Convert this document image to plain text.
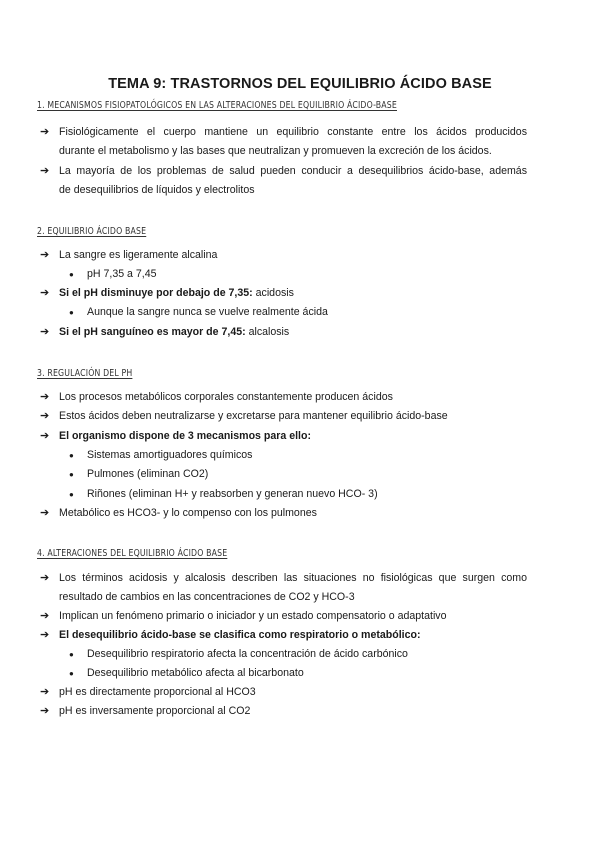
TEMA 9: TRASTORNOS DEL EQUILIBRIO ÁCIDO BASE
1. MECANISMOS FISIOPATOLÓGICOS EN LAS ALTERACIONES DEL EQUILIBRIO ÁCIDO-BASE
➔ Fisiológicamente el cuerpo mantiene un equilibrio constante entre los ácidos producidos
durante el metabolismo y las bases que neutralizan y promueven la excreción de los ácidos.
➔ La mayoría de los problemas de salud pueden conducir a desequilibrios ácido-base, además
de desequilibrios de líquidos y electrolitos
2. EQUILIBRIO ÁCIDO BASE
➔ La sangre es ligeramente alcalina
● pH 7,35 a 7,45
➔ Si el pH disminuye por debajo de 7,35: acidosis
● Aunque la sangre nunca se vuelve realmente ácida
➔ Si el pH sanguíneo es mayor de 7,45: alcalosis
3. REGULACIÓN DEL PH
➔ Los procesos metabólicos corporales constantemente producen ácidos
➔ Estos ácidos deben neutralizarse y excretarse para mantener equilibrio ácido-base
➔ El organismo dispone de 3 mecanismos para ello:
● Sistemas amortiguadores químicos
● Pulmones (eliminan CO2)
● Riñones (eliminan H+ y reabsorben y generan nuevo HCO- 3)
➔ Metabólico es HCO3- y lo compenso con los pulmones
4. ALTERACIONES DEL EQUILIBRIO ÁCIDO BASE
➔ Los términos acidosis y alcalosis describen las situaciones no fisiológicas que surgen como
resultado de cambios en las concentraciones de CO2 y HCO-3
➔ Implican un fenómeno primario o iniciador y un estado compensatorio o adaptativo
➔ El desequilibrio ácido-base se clasifica como respiratorio o metabólico:
● Desequilibrio respiratorio afecta la concentración de ácido carbónico
● Desequilibrio metabólico afecta al bicarbonato
➔ pH es directamente proporcional al HCO3
➔ pH es inversamente proporcional al CO2
